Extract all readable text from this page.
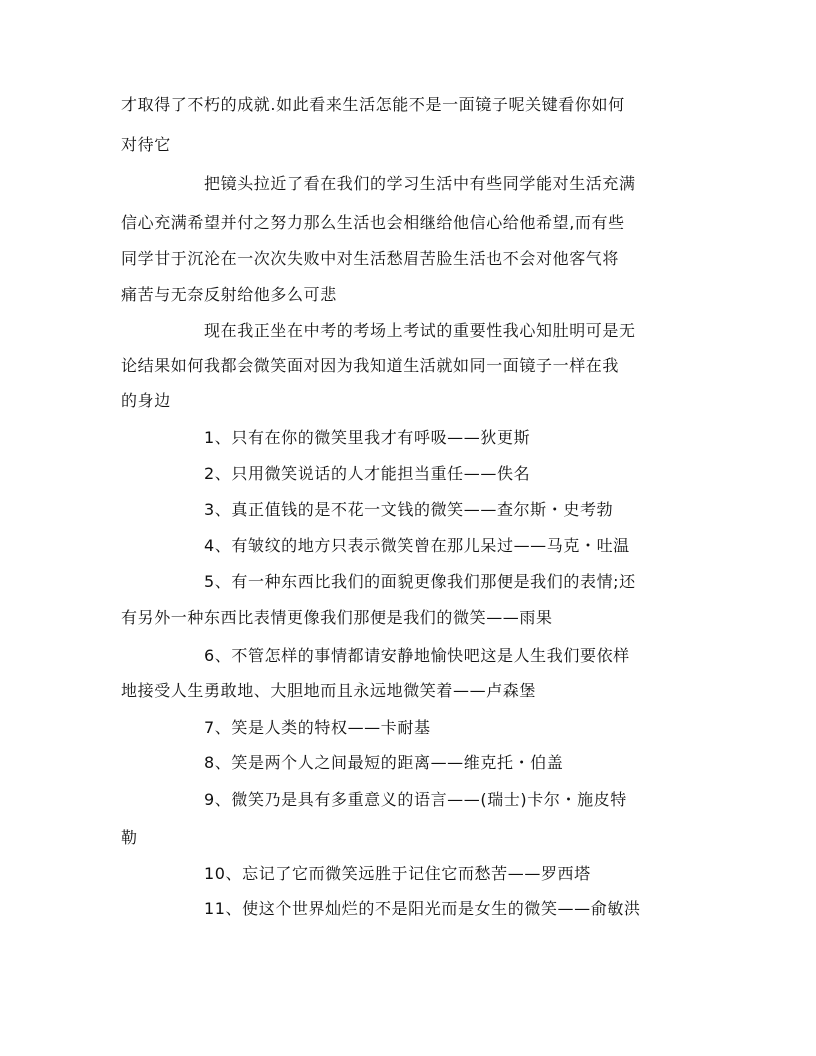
才取得了不朽的成就.如此看来生活怎能不是一面镜子呢关键看你如何
对待它
把镜头拉近了看在我们的学习生活中有些同学能对生活充满
信心充满希望并付之努力那么生活也会相继给他信心给他希望,而有些
同学甘于沉沦在一次次失败中对生活愁眉苦脸生活也不会对他客气将
痛苦与无奈反射给他多么可悲
现在我正坐在中考的考场上考试的重要性我心知肚明可是无
论结果如何我都会微笑面对因为我知道生活就如同一面镜子一样在我
的身边
1、只有在你的微笑里我才有呼吸——狄更斯
2、只用微笑说话的人才能担当重任——佚名
3、真正值钱的是不花一文钱的微笑——查尔斯・史考勃
4、有皱纹的地方只表示微笑曾在那儿呆过——马克・吐温
5、有一种东西比我们的面貌更像我们那便是我们的表情;还
有另外一种东西比表情更像我们那便是我们的微笑——雨果
6、不管怎样的事情都请安静地愉快吧这是人生我们要依样
地接受人生勇敢地、大胆地而且永远地微笑着——卢森堡
7、笑是人类的特权——卡耐基
8、笑是两个人之间最短的距离——维克托・伯盖
9、微笑乃是具有多重意义的语言——(瑞士)卡尔・施皮特
勒
10、忘记了它而微笑远胜于记住它而愁苦——罗西塔
11、使这个世界灿烂的不是阳光而是女生的微笑——俞敏洪
